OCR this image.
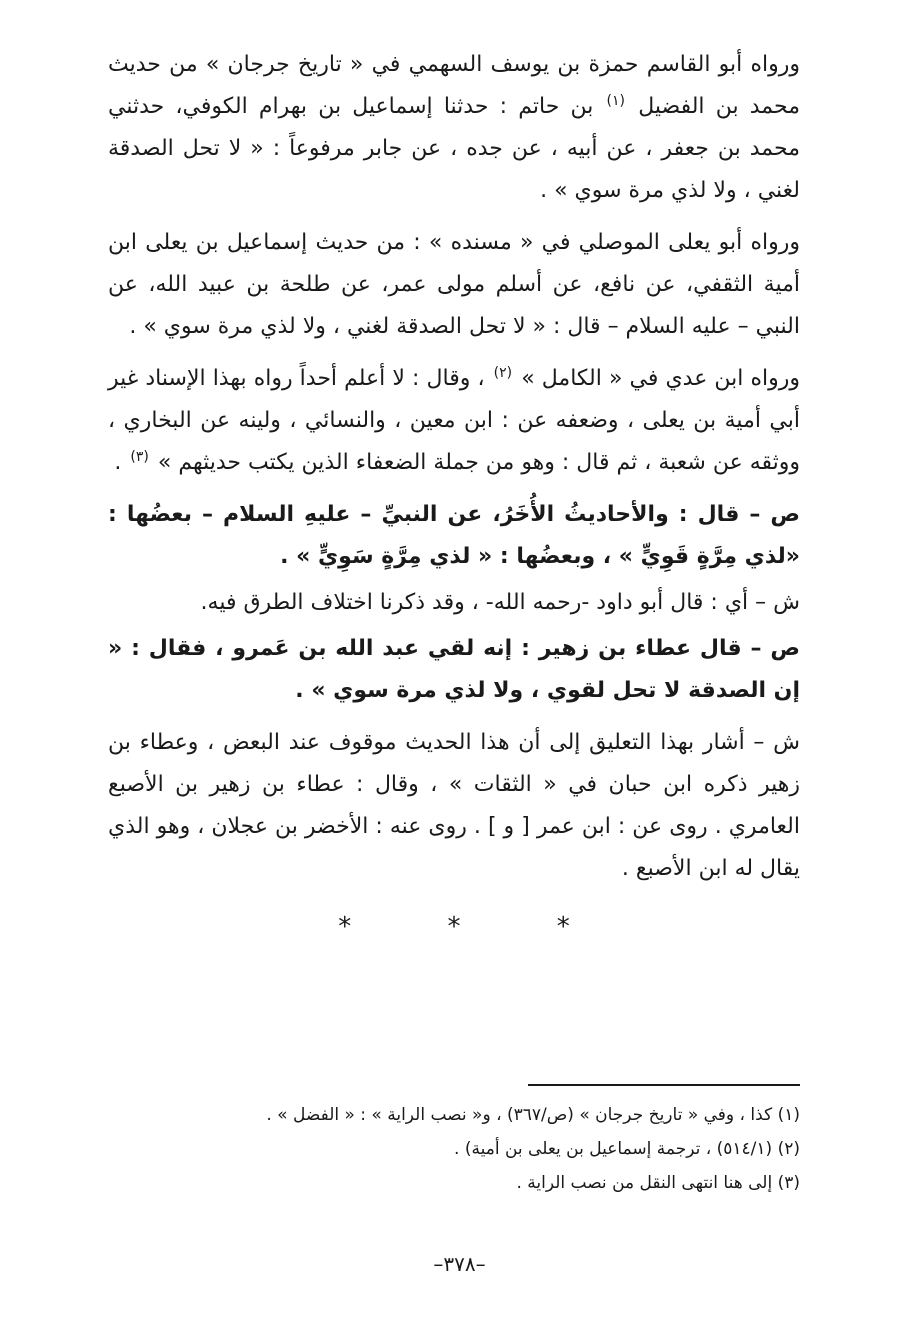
ورواه أبو القاسم حمزة بن يوسف السهمي في « تاريخ جرجان » من حديث محمد بن الفضيل $^{(١)}$ بن حاتم : حدثنا إسماعيل بن بهرام الكوفي، حدثني محمد بن جعفر ، عن أبيه ، عن جده ، عن جابر مرفوعاً : « لا تحل الصدقة لغني ، ولا لذي مرة سوي » .

ورواه أبو يعلى الموصلي في « مسنده » : من حديث إسماعيل بن يعلى ابن أمية الثقفي، عن نافع، عن أسلم مولى عمر، عن طلحة بن عبيد الله، عن النبي – عليه السلام – قال : « لا تحل الصدقة لغني ، ولا لذي مرة سوي » .

ورواه ابن عدي في « الكامل » $^{(٢)}$ ، وقال : لا أعلم أحداً رواه بهذا الإسناد غير أبي أمية بن يعلى ، وضعفه عن : ابن معين ، والنسائي ، ولينه عن البخاري ، ووثقه عن شعبة ، ثم قال : وهو من جملة الضعفاء الذين يكتب حديثهم » $^{(٣)}$ .

ص – قال : والأحاديثُ الأُخَرُ، عن النبيِّ – عليهِ السلام – بعضُها : «لذي مِرَّةٍ قَوِيٍّ » ، وبعضُها : « لذي مِرَّةٍ سَوِيٍّ » .

ش – أي : قال أبو داود -رحمه الله- ، وقد ذكرنا اختلاف الطرق فيه.

ص – قال عطاء بن زهير : إنه لقي عبد الله بن عَمرو ، فقال : « إن الصدقة لا تحل لقوي ، ولا لذي مرة سوي » .

ش – أشار بهذا التعليق إلى أن هذا الحديث موقوف عند البعض ، وعطاء بن زهير ذكره ابن حبان في « الثقات » ، وقال : عطاء بن زهير بن الأصبع العامري . روى عن : ابن عمر [ و ] . روى عنه : الأخضر بن عجلان ، وهو الذي يقال له ابن الأصبع .

* * *

(١) كذا ، وفي « تاريخ جرجان » (ص/٣٦٧) ، و« نصب الراية » : « الفضل » .

(٢) (٥١٤/١) ، ترجمة إسماعيل بن يعلى بن أمية) .

(٣) إلى هنا انتهى النقل من نصب الراية .

–٣٧٨–
